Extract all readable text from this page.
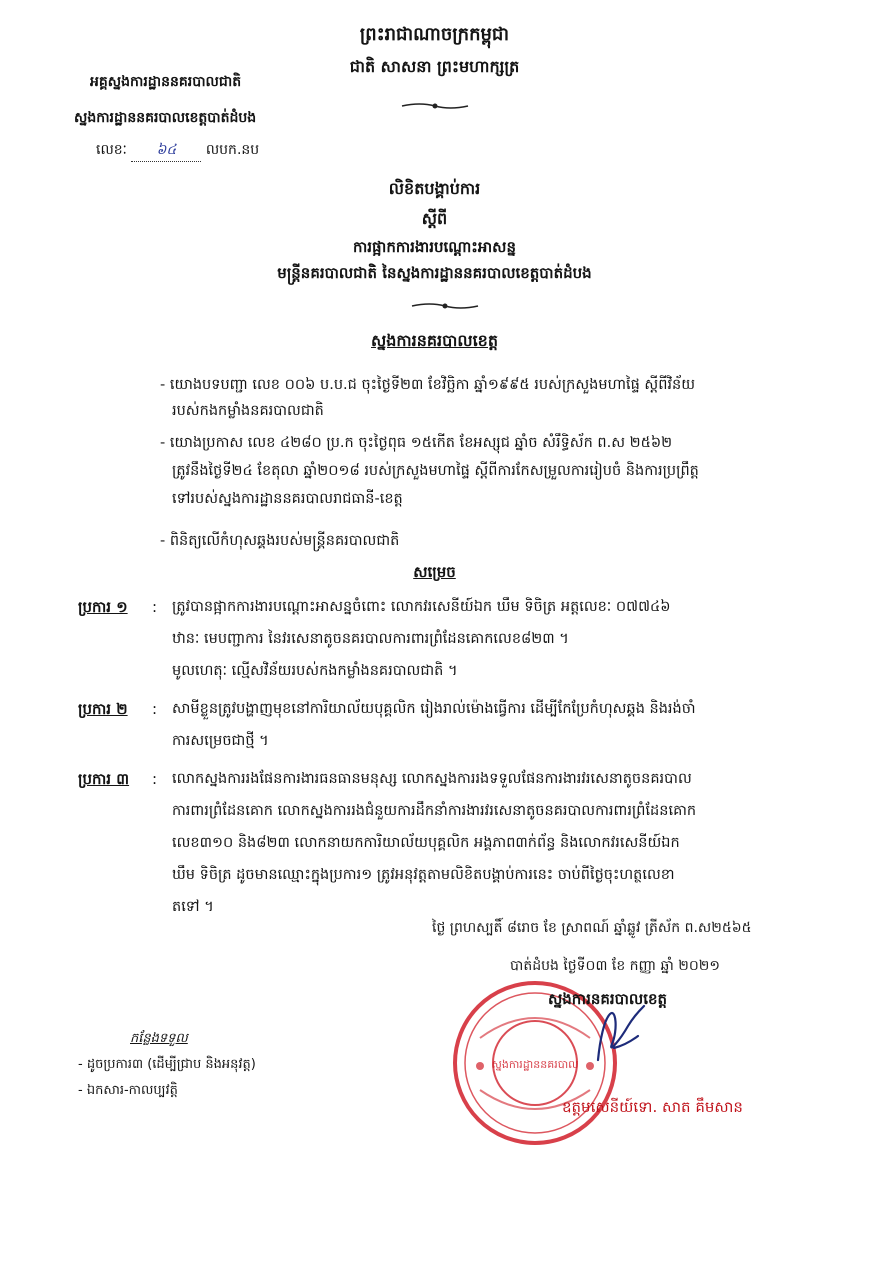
ព្រះរាជាណាចក្រកម្ពុជា
ជាតិ សាសនា ព្រះមហាក្សត្រ
អគ្គស្នងការដ្ឋាននគរបាលជាតិ
ស្នងការដ្ឋាននគរបាលខេត្តបាត់ដំបង
លេខៈ ៦៤ លបក.នប
លិខិតបង្គាប់ការ
ស្តីពី
ការផ្អាកការងារបណ្តោះអាសន្ន
មន្ត្រីនគរបាលជាតិ នៃស្នងការដ្ឋាននគរបាលខេត្តបាត់ដំបង
ស្នងការនគរបាលខេត្ត
- យោងបទបញ្ជា លេខ ០០៦ ប.ប.ជ ចុះថ្ងៃទី២៣ ខែវិច្ឆិកា ឆ្នាំ១៩៩៥ របស់ក្រសួងមហាផ្ទៃ ស្តីពីវិន័យ
របស់កងកម្លាំងនគរបាលជាតិ
- យោងប្រកាស លេខ ៤២៨០ ប្រ.ក ចុះថ្ងៃពុធ ១៥កើត ខែអស្សុជ ឆ្នាំច សំរឹទ្ធិស័ក ព.ស ២៥៦២
ត្រូវនឹងថ្ងៃទី២៤ ខែតុលា ឆ្នាំ២០១៨ របស់ក្រសួងមហាផ្ទៃ ស្តីពីការកែសម្រួលការរៀបចំ និងការប្រព្រឹត្ត
ទៅរបស់ស្នងការដ្ឋាននគរបាលរាជធានី-ខេត្ត
- ពិនិត្យលើកំហុសឆ្គងរបស់មន្ត្រីនគរបាលជាតិ
សម្រេច
ប្រការ ១ : ត្រូវបានផ្អាកការងារបណ្តោះអាសន្នចំពោះ លោកវរសេនីយ៍ឯក ឃឹម ទិចិត្រ អត្តលេខៈ ០៧៧៤៦
ឋានៈ មេបញ្ជាការ នៃវរសេនាតូចនគរបាលការពារព្រំដែនគោកលេខ៨២៣ ។
មូលហេតុៈ ល្មើសវិន័យរបស់កងកម្លាំងនគរបាលជាតិ ។
ប្រការ ២ : សាមីខ្លួនត្រូវបង្ហាញមុខនៅការិយាល័យបុគ្គលិក រៀងរាល់ម៉ោងធ្វើការ ដើម្បីកែប្រែកំហុសឆ្គង និងរង់ចាំ
ការសម្រេចជាថ្មី ។
ប្រការ ៣ : លោកស្នងការរងផែនការងារធនធានមនុស្ស លោកស្នងការរងទទួលផែនការងារវរសេនាតូចនគរបាល
ការពារព្រំដែនគោក លោកស្នងការរងជំនួយការដឹកនាំការងារវរសេនាតូចនគរបាលការពារព្រំដែនគោក
លេខ៣១០ និង៨២៣ លោកនាយកការិយាល័យបុគ្គលិក អង្គភាព៣ក់ព័ន្ធ និងលោកវរសេនីយ៍ឯក
ឃឹម ទិចិត្រ ដូចមានឈ្មោះក្នុងប្រការ១ ត្រូវអនុវត្តតាមលិខិតបង្គាប់ការនេះ ចាប់ពីថ្ងៃចុះហត្ថលេខា
តទៅ ។
ស្នងការដ្ឋាននគរបាល
ថ្ងៃ ព្រហស្បតិ៍ ៨រោច ខែ ស្រាពណ៍ ឆ្នាំឆ្លូវ ត្រីស័ក ព.ស២៥៦៥
បាត់ដំបង ថ្ងៃទី០៣ ខែ កញ្ញា ឆ្នាំ ២០២១
ស្នងការនគរបាលខេត្ត
ឧត្តមសេនីយ៍ទោ. សាត គឹមសាន
កន្លែងទទួល
- ដូចប្រការ៣ (ដើម្បីជ្រាប និងអនុវត្ត)
- ឯកសារ-កាលប្បវត្តិ
